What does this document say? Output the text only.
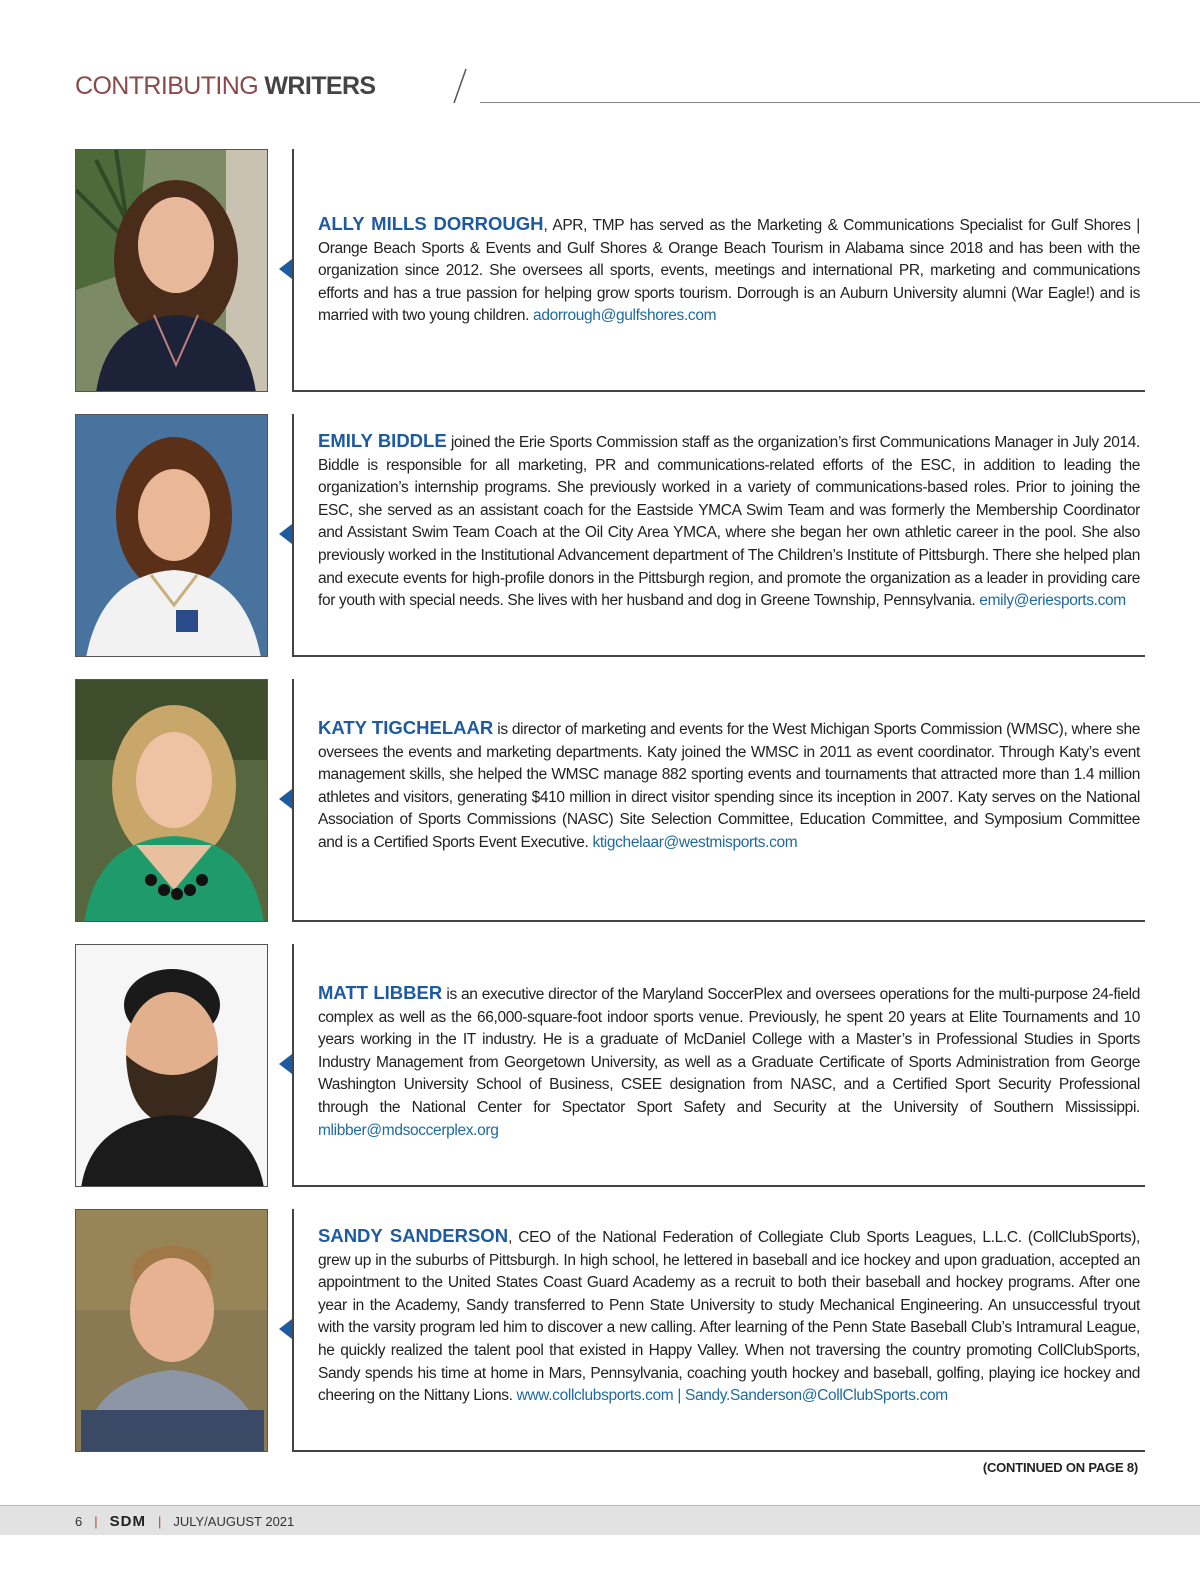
CONTRIBUTING WRITERS

ALLY MILLS DORROUGH, APR, TMP has served as the Marketing & Communications Specialist for Gulf Shores | Orange Beach Sports & Events and Gulf Shores & Orange Beach Tourism in Alabama since 2018 and has been with the organization since 2012. She oversees all sports, events, meetings and international PR, marketing and communications efforts and has a true passion for helping grow sports tourism. Dorrough is an Auburn University alumni (War Eagle!) and is married with two young children. adorrough@gulfshores.com

EMILY BIDDLE joined the Erie Sports Commission staff as the organization’s first Communications Manager in July 2014. Biddle is responsible for all marketing, PR and communications-related efforts of the ESC, in addition to leading the organization’s internship programs. She previously worked in a variety of communications-based roles. Prior to joining the ESC, she served as an assistant coach for the Eastside YMCA Swim Team and was formerly the Membership Coordinator and Assistant Swim Team Coach at the Oil City Area YMCA, where she began her own athletic career in the pool. She also previously worked in the Institutional Advancement department of The Children’s Institute of Pittsburgh. There she helped plan and execute events for high-profile donors in the Pittsburgh region, and promote the organization as a leader in providing care for youth with special needs. She lives with her husband and dog in Greene Township, Pennsylvania. emily@eriesports.com

KATY TIGCHELAAR is director of marketing and events for the West Michigan Sports Commission (WMSC), where she oversees the events and marketing departments. Katy joined the WMSC in 2011 as event coordinator. Through Katy’s event management skills, she helped the WMSC manage 882 sporting events and tournaments that attracted more than 1.4 million athletes and visitors, generating $410 million in direct visitor spending since its inception in 2007. Katy serves on the National Association of Sports Commissions (NASC) Site Selection Committee, Education Committee, and Symposium Committee and is a Certified Sports Event Executive. ktigchelaar@westmisports.com

MATT LIBBER is an executive director of the Maryland SoccerPlex and oversees operations for the multi-purpose 24-field complex as well as the 66,000-square-foot indoor sports venue. Previously, he spent 20 years at Elite Tournaments and 10 years working in the IT industry. He is a graduate of McDaniel College with a Master’s in Professional Studies in Sports Industry Management from Georgetown University, as well as a Graduate Certificate of Sports Administration from George Washington University School of Business, CSEE designation from NASC, and a Certified Sport Security Professional through the National Center for Spectator Sport Safety and Security at the University of Southern Mississippi. mlibber@mdsoccerplex.org

SANDY SANDERSON, CEO of the National Federation of Collegiate Club Sports Leagues, L.L.C. (CollClubSports), grew up in the suburbs of Pittsburgh. In high school, he lettered in baseball and ice hockey and upon graduation, accepted an appointment to the United States Coast Guard Academy as a recruit to both their baseball and hockey programs. After one year in the Academy, Sandy transferred to Penn State University to study Mechanical Engineering. An unsuccessful tryout with the varsity program led him to discover a new calling. After learning of the Penn State Baseball Club’s Intramural League, he quickly realized the talent pool that existed in Happy Valley. When not traversing the country promoting CollClubSports, Sandy spends his time at home in Mars, Pennsylvania, coaching youth hockey and baseball, golfing, playing ice hockey and cheering on the Nittany Lions. www.collclubsports.com | Sandy.Sanderson@CollClubSports.com

(CONTINUED ON PAGE 8)
6 | SDM | JULY/AUGUST 2021
